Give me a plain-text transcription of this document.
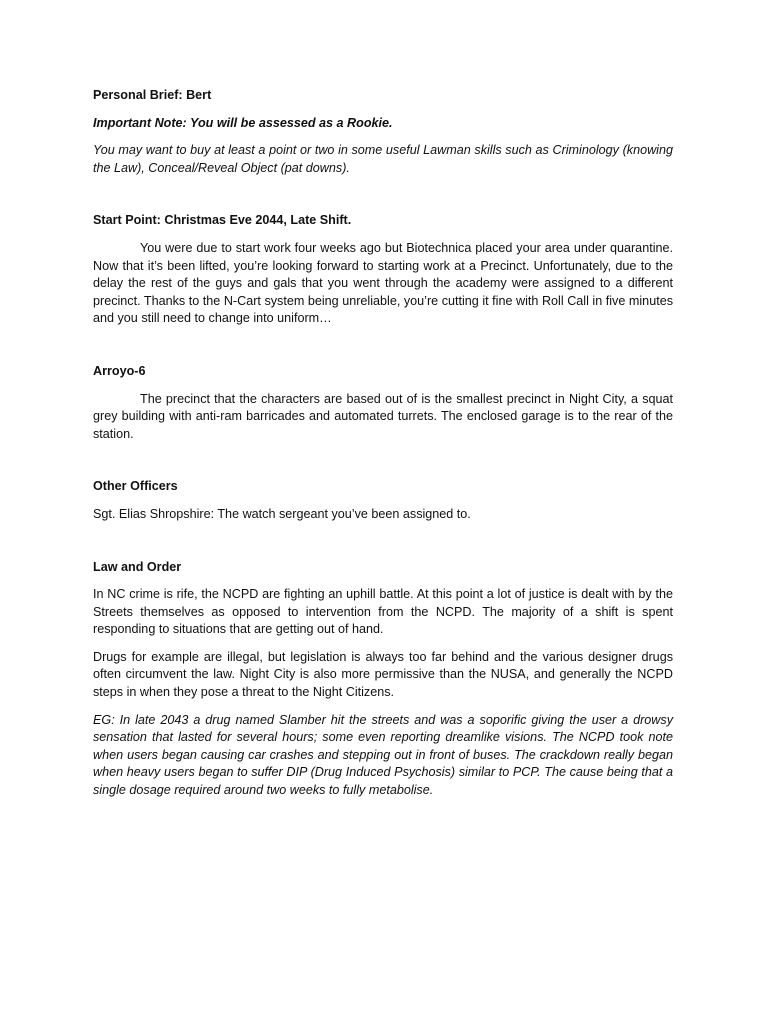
Personal Brief: Bert

Important Note: You will be assessed as a Rookie.

You may want to buy at least a point or two in some useful Lawman skills such as Criminology (knowing the Law), Conceal/Reveal Object (pat downs).

Start Point: Christmas Eve 2044, Late Shift.

You were due to start work four weeks ago but Biotechnica placed your area under quarantine. Now that it’s been lifted, you’re looking forward to starting work at a Precinct. Unfortunately, due to the delay the rest of the guys and gals that you went through the academy were assigned to a different precinct. Thanks to the N-Cart system being unreliable, you’re cutting it fine with Roll Call in five minutes and you still need to change into uniform…

Arroyo-6

The precinct that the characters are based out of is the smallest precinct in Night City, a squat grey building with anti-ram barricades and automated turrets. The enclosed garage is to the rear of the station.

Other Officers

Sgt. Elias Shropshire: The watch sergeant you’ve been assigned to.

Law and Order

In NC crime is rife, the NCPD are fighting an uphill battle. At this point a lot of justice is dealt with by the Streets themselves as opposed to intervention from the NCPD. The majority of a shift is spent responding to situations that are getting out of hand.

Drugs for example are illegal, but legislation is always too far behind and the various designer drugs often circumvent the law. Night City is also more permissive than the NUSA, and generally the NCPD steps in when they pose a threat to the Night Citizens.

EG: In late 2043 a drug named Slamber hit the streets and was a soporific giving the user a drowsy sensation that lasted for several hours; some even reporting dreamlike visions. The NCPD took note when users began causing car crashes and stepping out in front of buses. The crackdown really began when heavy users began to suffer DIP (Drug Induced Psychosis) similar to PCP. The cause being that a single dosage required around two weeks to fully metabolise.
